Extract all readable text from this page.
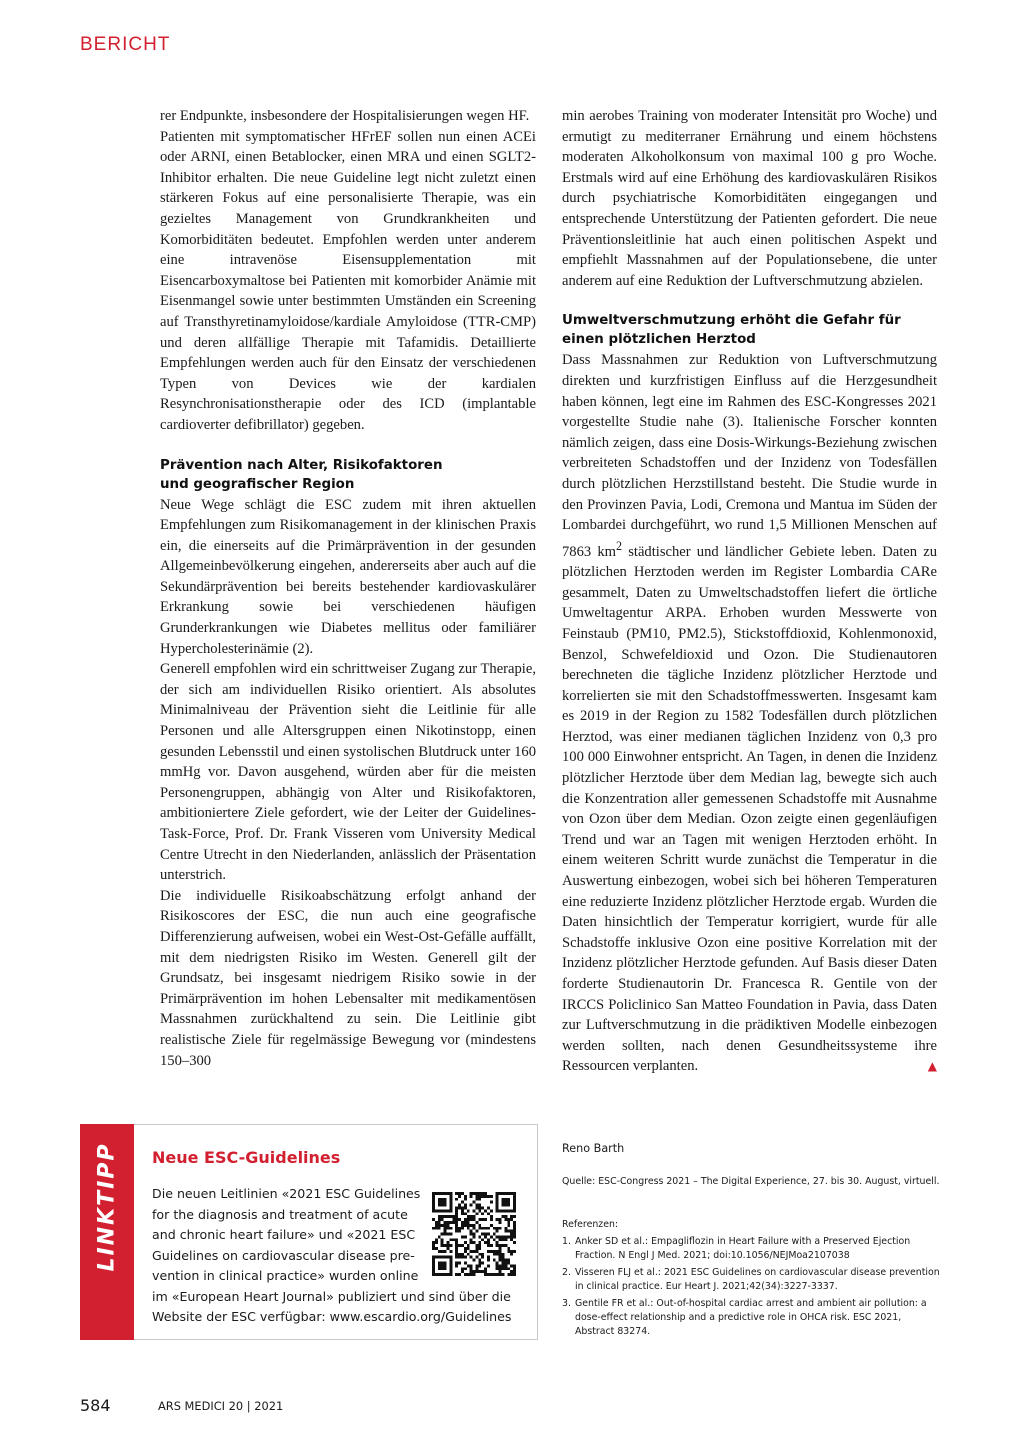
BERICHT

rer Endpunkte, insbesondere der Hospitalisierungen wegen HF.

Patienten mit symptomatischer HFrEF sollen nun einen ACEi oder ARNI, einen Betablocker, einen MRA und einen SGLT2-Inhibitor erhalten. Die neue Guideline legt nicht zuletzt einen stärkeren Fokus auf eine personalisierte Therapie, was ein gezieltes Management von Grundkrankheiten und Komorbiditäten bedeutet. Empfohlen werden unter anderem eine intravenöse Eisensupplementation mit Eisencarboxymaltose bei Patienten mit komorbider Anämie mit Eisenmangel sowie unter bestimmten Umständen ein Screening auf Transthyretinamyloidose/kardiale Amyloidose (TTR-CMP) und deren allfällige Therapie mit Tafamidis. Detaillierte Empfehlungen werden auch für den Einsatz der verschiedenen Typen von Devices wie der kardialen Resynchronisationstherapie oder des ICD (implantable cardioverter defibrillator) gegeben.

Prävention nach Alter, Risikofaktoren
und geografischer Region

Neue Wege schlägt die ESC zudem mit ihren aktuellen Empfehlungen zum Risikomanagement in der klinischen Praxis ein, die einerseits auf die Primärprävention in der gesunden Allgemeinbevölkerung eingehen, andererseits aber auch auf die Sekundärprävention bei bereits bestehender kardiovaskulärer Erkrankung sowie bei verschiedenen häufigen Grunderkrankungen wie Diabetes mellitus oder familiärer Hypercholesterinämie (2).

Generell empfohlen wird ein schrittweiser Zugang zur Therapie, der sich am individuellen Risiko orientiert. Als absolutes Minimalniveau der Prävention sieht die Leitlinie für alle Personen und alle Altersgruppen einen Nikotinstopp, einen gesunden Lebensstil und einen systolischen Blutdruck unter 160 mmHg vor. Davon ausgehend, würden aber für die meisten Personengruppen, abhängig von Alter und Risikofaktoren, ambitioniertere Ziele gefordert, wie der Leiter der Guidelines-Task-Force, Prof. Dr. Frank Visseren vom University Medical Centre Utrecht in den Niederlanden, anlässlich der Präsentation unterstrich.

Die individuelle Risikoabschätzung erfolgt anhand der Risikoscores der ESC, die nun auch eine geografische Differenzierung aufweisen, wobei ein West-Ost-Gefälle auffällt, mit dem niedrigsten Risiko im Westen. Generell gilt der Grundsatz, bei insgesamt niedrigem Risiko sowie in der Primärprävention im hohen Lebensalter mit medikamentösen Massnahmen zurückhaltend zu sein. Die Leitlinie gibt realistische Ziele für regelmässige Bewegung vor (mindestens 150–300

min aerobes Training von moderater Intensität pro Woche) und ermutigt zu mediterraner Ernährung und einem höchstens moderaten Alkoholkonsum von maximal 100 g pro Woche. Erstmals wird auf eine Erhöhung des kardiovaskulären Risikos durch psychiatrische Komorbiditäten eingegangen und entsprechende Unterstützung der Patienten gefordert. Die neue Präventionsleitlinie hat auch einen politischen Aspekt und empfiehlt Massnahmen auf der Populationsebene, die unter anderem auf eine Reduktion der Luftverschmutzung abzielen.

Umweltverschmutzung erhöht die Gefahr für
einen plötzlichen Herztod

Dass Massnahmen zur Reduktion von Luftverschmutzung direkten und kurzfristigen Einfluss auf die Herzgesundheit haben können, legt eine im Rahmen des ESC-Kongresses 2021 vorgestellte Studie nahe (3). Italienische Forscher konnten nämlich zeigen, dass eine Dosis-Wirkungs-Beziehung zwischen verbreiteten Schadstoffen und der Inzidenz von Todesfällen durch plötzlichen Herzstillstand besteht. Die Studie wurde in den Provinzen Pavia, Lodi, Cremona und Mantua im Süden der Lombardei durchgeführt, wo rund 1,5 Millionen Menschen auf 7863 $km^2$ städtischer und ländlicher Gebiete leben. Daten zu plötzlichen Herztoden werden im Register Lombardia CARe gesammelt, Daten zu Umweltschadstoffen liefert die örtliche Umweltagentur ARPA. Erhoben wurden Messwerte von Feinstaub (PM10, PM2.5), Stickstoffdioxid, Kohlenmonoxid, Benzol, Schwefeldioxid und Ozon. Die Studienautoren berechneten die tägliche Inzidenz plötzlicher Herztode und korrelierten sie mit den Schadstoffmesswerten. Insgesamt kam es 2019 in der Region zu 1582 Todesfällen durch plötzlichen Herztod, was einer medianen täglichen Inzidenz von 0,3 pro 100 000 Einwohner entspricht. An Tagen, in denen die Inzidenz plötzlicher Herztode über dem Median lag, bewegte sich auch die Konzentration aller gemessenen Schadstoffe mit Ausnahme von Ozon über dem Median. Ozon zeigte einen gegenläufigen Trend und war an Tagen mit wenigen Herztoden erhöht. In einem weiteren Schritt wurde zunächst die Temperatur in die Auswertung einbezogen, wobei sich bei höheren Temperaturen eine reduzierte Inzidenz plötzlicher Herztode ergab. Wurden die Daten hinsichtlich der Temperatur korrigiert, wurde für alle Schadstoffe inklusive Ozon eine positive Korrelation mit der Inzidenz plötzlicher Herztode gefunden. Auf Basis dieser Daten forderte Studienautorin Dr. Francesca R. Gentile von der IRCCS Policlinico San Matteo Foundation in Pavia, dass Daten zur Luftverschmutzung in die prädiktiven Modelle einbezogen werden sollten, nach denen Gesundheitssysteme ihre Ressourcen verplanten.	▲

LINKTIPP Neue ESC-Guidelines
Die neuen Leitlinien «2021 ESC Guidelines
for the diagnosis and treatment of acute
and chronic heart failure» und «2021 ESC
Guidelines on cardiovascular disease pre-
vention in clinical practice» wurden online
im «European Heart Journal» publiziert und sind über die
Website der ESC verfügbar: www.escardio.org/Guidelines
Reno Barth
Quelle: ESC-Congress 2021 – The Digital Experience, 27. bis 30. August, virtuell.
Referenzen:
1. Anker SD et al.: Empagliflozin in Heart Failure with a Preserved Ejection Fraction. N Engl J Med. 2021; doi:10.1056/NEJMoa2107038
2. Visseren FLJ et al.: 2021 ESC Guidelines on cardiovascular disease prevention in clinical practice. Eur Heart J. 2021;42(34):3227-3337.
3. Gentile FR et al.: Out-of-hospital cardiac arrest and ambient air pollution: a dose-effect relationship and a predictive role in OHCA risk. ESC 2021, Abstract 83274.
584	ARS MEDICI 20 | 2021
